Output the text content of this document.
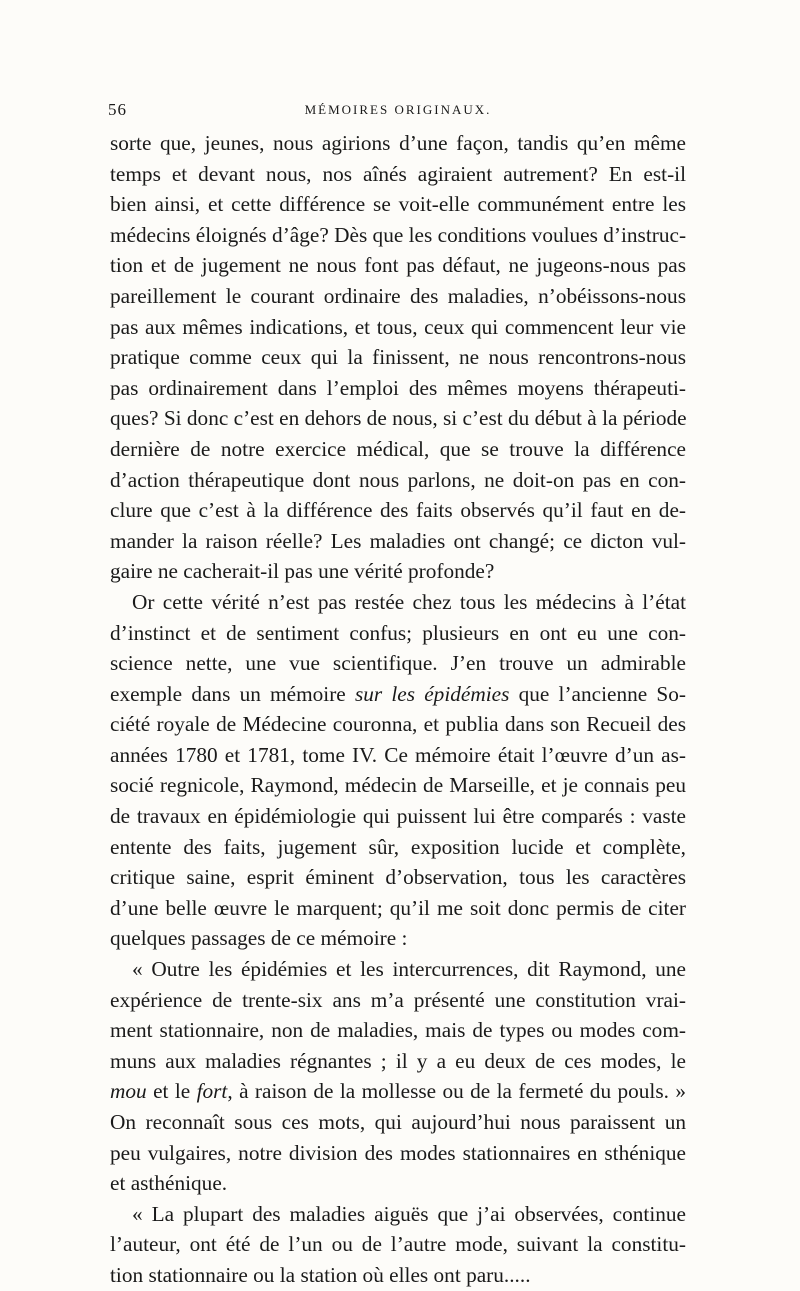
56	MÉMOIRES ORIGINAUX.
sorte que, jeunes, nous agirions d’une façon, tandis qu’en même
temps et devant nous, nos aînés agiraient autrement? En est-il
bien ainsi, et cette différence se voit-elle communément entre les
médecins éloignés d’âge? Dès que les conditions voulues d’instruc-
tion et de jugement ne nous font pas défaut, ne jugeons-nous pas
pareillement le courant ordinaire des maladies, n’obéissons-nous
pas aux mêmes indications, et tous, ceux qui commencent leur vie
pratique comme ceux qui la finissent, ne nous rencontrons-nous
pas ordinairement dans l’emploi des mêmes moyens thérapeuti-
ques? Si donc c’est en dehors de nous, si c’est du début à la période
dernière de notre exercice médical, que se trouve la différence
d’action thérapeutique dont nous parlons, ne doit-on pas en con-
clure que c’est à la différence des faits observés qu’il faut en de-
mander la raison réelle? Les maladies ont changé; ce dicton vul-
gaire ne cacherait-il pas une vérité profonde?
Or cette vérité n’est pas restée chez tous les médecins à l’état
d’instinct et de sentiment confus; plusieurs en ont eu une con-
science nette, une vue scientifique. J’en trouve un admirable
exemple dans un mémoire sur les épidémies que l’ancienne So-
ciété royale de Médecine couronna, et publia dans son Recueil des
années 1780 et 1781, tome IV. Ce mémoire était l’œuvre d’un as-
socié regnicole, Raymond, médecin de Marseille, et je connais peu
de travaux en épidémiologie qui puissent lui être comparés : vaste
entente des faits, jugement sûr, exposition lucide et complète,
critique saine, esprit éminent d’observation, tous les caractères
d’une belle œuvre le marquent; qu’il me soit donc permis de citer
quelques passages de ce mémoire :
« Outre les épidémies et les intercurrences, dit Raymond, une
expérience de trente-six ans m’a présenté une constitution vrai-
ment stationnaire, non de maladies, mais de types ou modes com-
muns aux maladies régnantes ; il y a eu deux de ces modes, le
mou et le fort, à raison de la mollesse ou de la fermeté du pouls. »
On reconnaît sous ces mots, qui aujourd’hui nous paraissent un
peu vulgaires, notre division des modes stationnaires en sthénique
et asthénique.
« La plupart des maladies aiguës que j’ai observées, continue
l’auteur, ont été de l’un ou de l’autre mode, suivant la constitu-
tion stationnaire ou la station où elles ont paru.....
